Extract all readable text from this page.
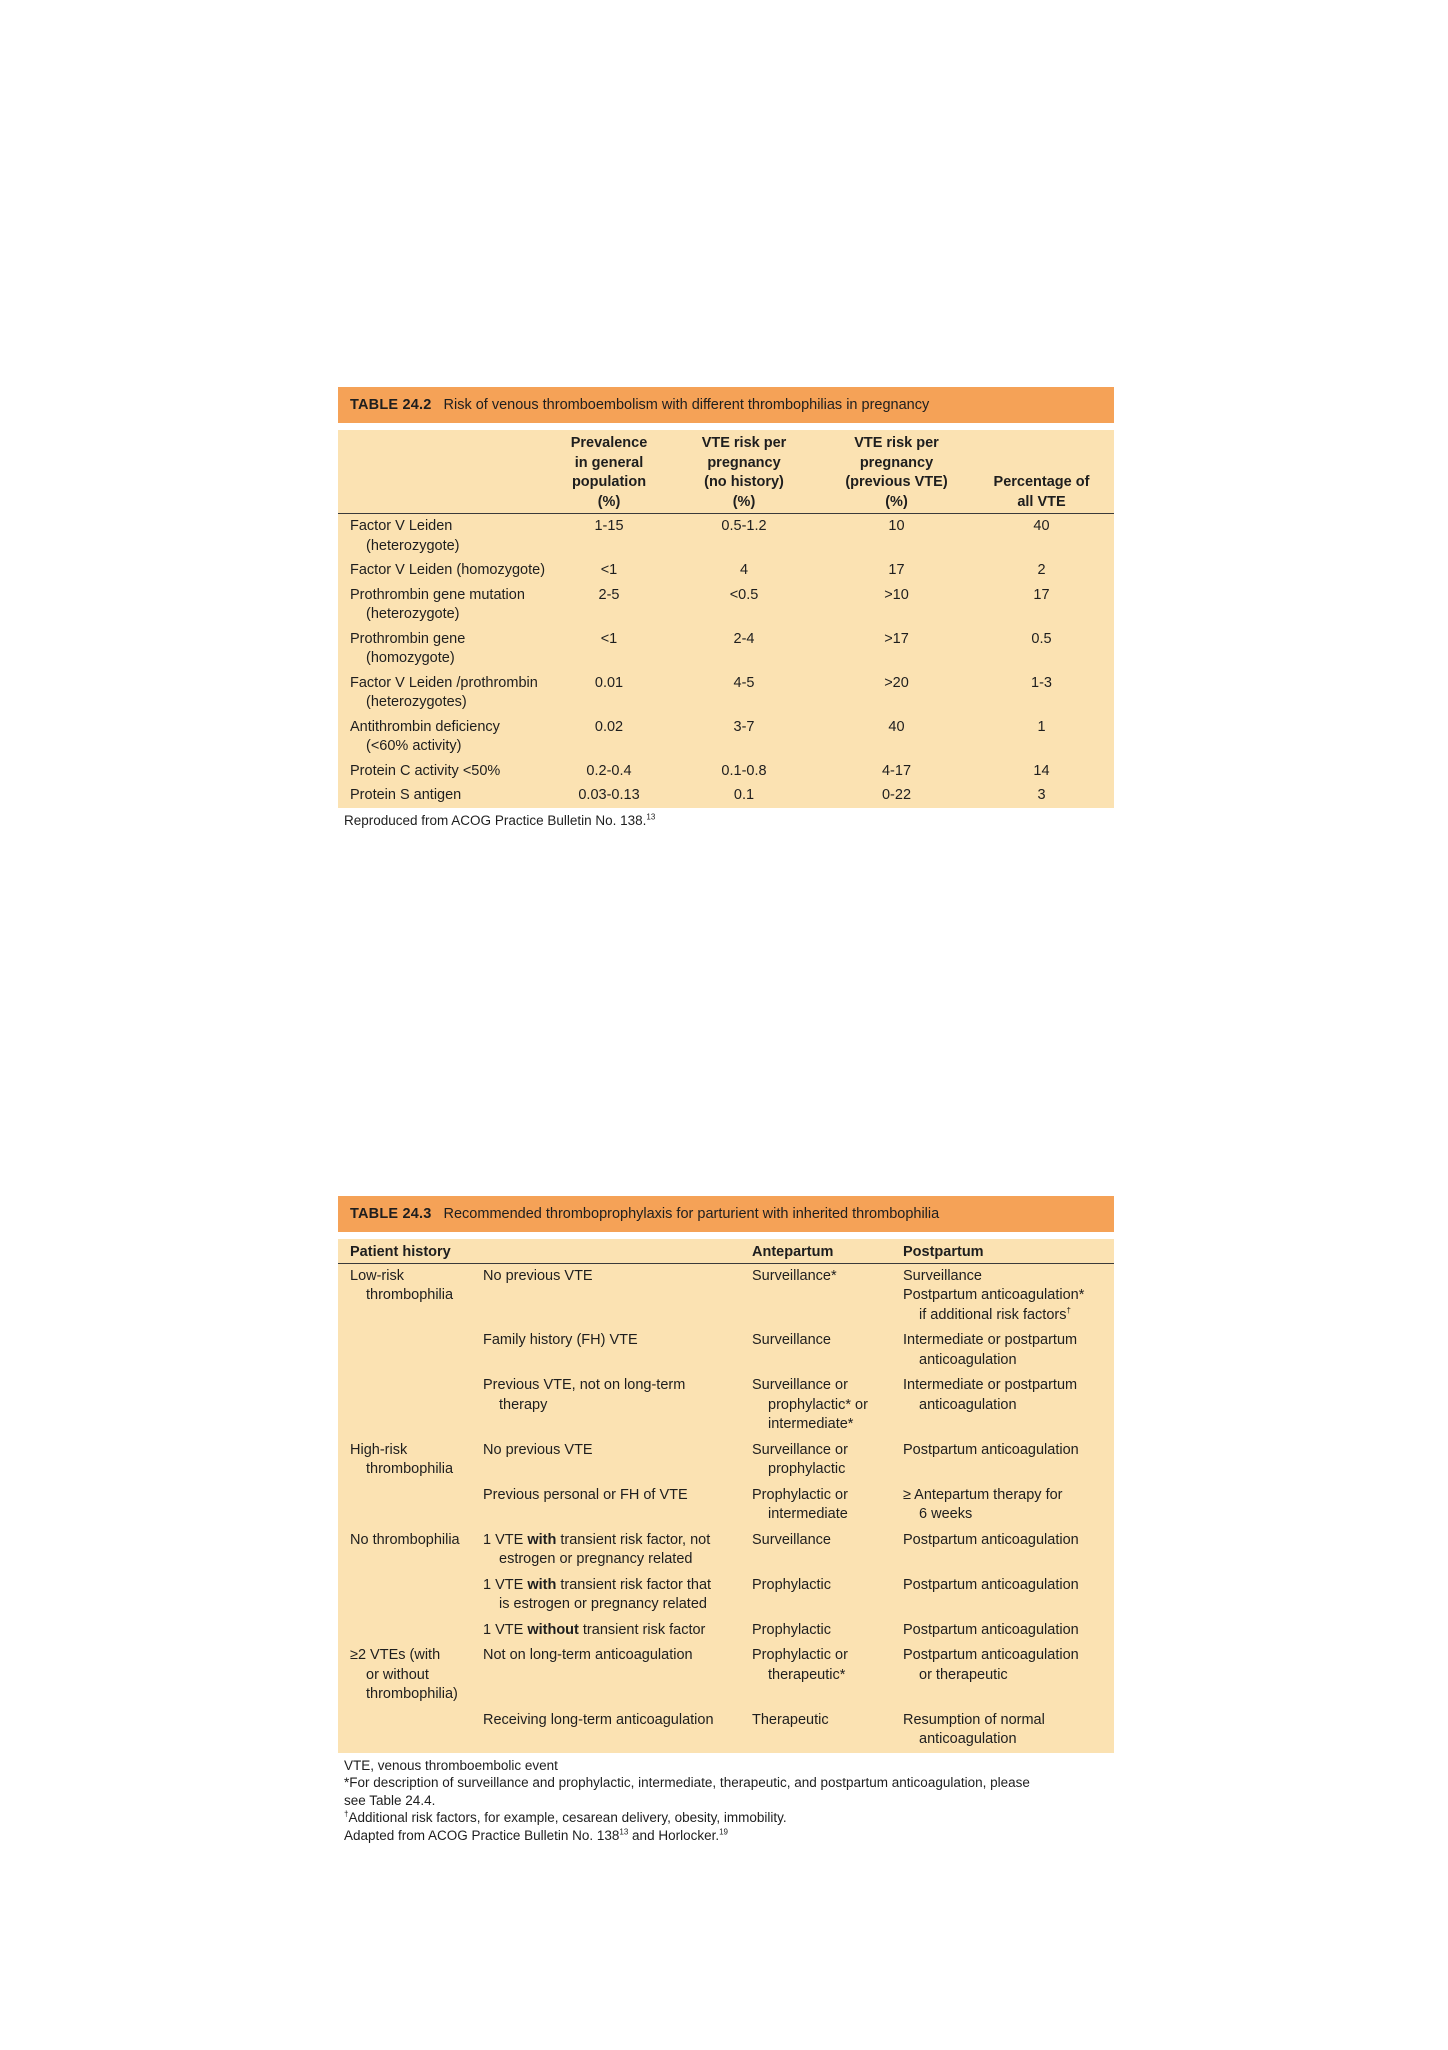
TABLE 24.2 Risk of venous thromboembolism with different thrombophilias in pregnancy
	Prevalence
in general
population
(%)	VTE risk per
pregnancy
(no history)
(%)	VTE risk per
pregnancy
(previous VTE)
(%)	Percentage of
all VTE
Factor V Leiden
(heterozygote)	1-15	0.5-1.2	10	40
Factor V Leiden (homozygote)	<1	4	17	2
Prothrombin gene mutation
(heterozygote)	2-5	<0.5	>10	17
Prothrombin gene
(homozygote)	<1	2-4	>17	0.5
Factor V Leiden /prothrombin
(heterozygotes)	0.01	4-5	>20	1-3
Antithrombin deficiency
(<60% activity)	0.02	3-7	40	1
Protein C activity <50%	0.2-0.4	0.1-0.8	4-17	14
Protein S antigen	0.03-0.13	0.1	0-22	3
Reproduced from ACOG Practice Bulletin No. 138.13
TABLE 24.3 Recommended thromboprophylaxis for parturient with inherited thrombophilia
Patient history		Antepartum	Postpartum
Low-risk
thrombophilia	No previous VTE	Surveillance*	Surveillance
Postpartum anticoagulation*
if additional risk factors†
	Family history (FH) VTE	Surveillance	Intermediate or postpartum
anticoagulation
	Previous VTE, not on long-term
therapy	Surveillance or
prophylactic* or
intermediate*	Intermediate or postpartum
anticoagulation
High-risk
thrombophilia	No previous VTE	Surveillance or
prophylactic	Postpartum anticoagulation
	Previous personal or FH of VTE	Prophylactic or
intermediate	≥ Antepartum therapy for
6 weeks
No thrombophilia	1 VTE with transient risk factor, not
estrogen or pregnancy related	Surveillance	Postpartum anticoagulation
	1 VTE with transient risk factor that
is estrogen or pregnancy related	Prophylactic	Postpartum anticoagulation
	1 VTE without transient risk factor	Prophylactic	Postpartum anticoagulation
≥2 VTEs (with
or without
thrombophilia)	Not on long-term anticoagulation	Prophylactic or
therapeutic*	Postpartum anticoagulation
or therapeutic
	Receiving long-term anticoagulation	Therapeutic	Resumption of normal
anticoagulation
VTE, venous thromboembolic event
*For description of surveillance and prophylactic, intermediate, therapeutic, and postpartum anticoagulation, please
see Table 24.4.
†Additional risk factors, for example, cesarean delivery, obesity, immobility.
Adapted from ACOG Practice Bulletin No. $138^{13}$ and Horlocker.$^{19}$
